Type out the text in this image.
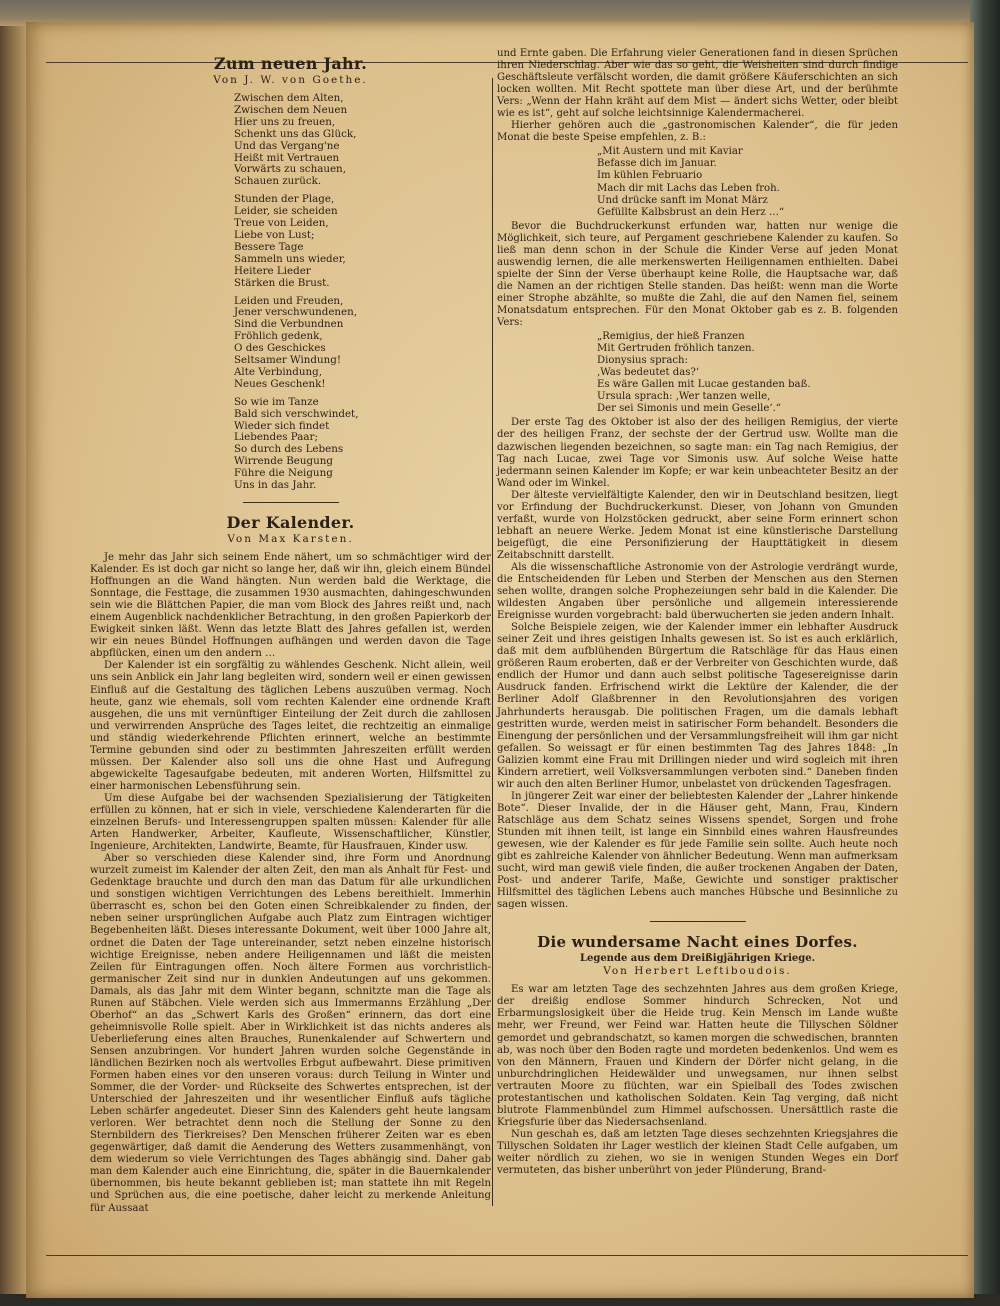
Zum neuen Jahr.
Von J. W. von Goethe.
Zwischen dem Alten,
Zwischen dem Neuen
Hier uns zu freuen,
Schenkt uns das Glück,
Und das Vergang'ne
Heißt mit Vertrauen
Vorwärts zu schauen,
Schauen zurück.
Stunden der Plage,
Leider, sie scheiden
Treue von Leiden,
Liebe von Lust;
Bessere Tage
Sammeln uns wieder,
Heitere Lieder
Stärken die Brust.
Leiden und Freuden,
Jener verschwundenen,
Sind die Verbundnen
Fröhlich gedenk,
O des Geschickes
Seltsamer Windung!
Alte Verbindung,
Neues Geschenk!
So wie im Tanze
Bald sich verschwindet,
Wieder sich findet
Liebendes Paar;
So durch des Lebens
Wirrende Beugung
Führe die Neigung
Uns in das Jahr.
Der Kalender.
Von Max Karsten.

Je mehr das Jahr sich seinem Ende nähert, um so schmächtiger wird der Kalender. Es ist doch gar nicht so lange her, daß wir ihn, gleich einem Bündel Hoffnungen an die Wand hängten. Nun werden bald die Werktage, die Sonntage, die Festtage, die zusammen 1930 ausmachten, dahingeschwunden sein wie die Blättchen Papier, die man vom Block des Jahres reißt und, nach einem Augenblick nachdenklicher Betrachtung, in den großen Papierkorb der Ewigkeit sinken läßt. Wenn das letzte Blatt des Jahres gefallen ist, werden wir ein neues Bündel Hoffnungen aufhängen und werden davon die Tage abpflücken, einen um den andern …

Der Kalender ist ein sorgfältig zu wählendes Geschenk. Nicht allein, weil uns sein Anblick ein Jahr lang begleiten wird, sondern weil er einen gewissen Einfluß auf die Gestaltung des täglichen Lebens auszuüben vermag. Noch heute, ganz wie ehemals, soll vom rechten Kalender eine ordnende Kraft ausgehen, die uns mit vernünftiger Einteilung der Zeit durch die zahllosen und verwirrenden Ansprüche des Tages leitet, die rechtzeitig an einmalige und ständig wiederkehrende Pflichten erinnert, welche an bestimmte Termine gebunden sind oder zu bestimmten Jahreszeiten erfüllt werden müssen. Der Kalender also soll uns die ohne Hast und Aufregung abgewickelte Tagesaufgabe bedeuten, mit anderen Worten, Hilfsmittel zu einer harmonischen Lebensführung sein.

Um diese Aufgabe bei der wachsenden Spezialisierung der Tätigkeiten erfüllen zu können, hat er sich in viele, verschiedene Kalenderarten für die einzelnen Berufs- und Interessengruppen spalten müssen: Kalender für alle Arten Handwerker, Arbeiter, Kaufleute, Wissenschaftlicher, Künstler, Ingenieure, Architekten, Landwirte, Beamte, für Hausfrauen, Kinder usw.

Aber so verschieden diese Kalender sind, ihre Form und Anordnung wurzelt zumeist im Kalender der alten Zeit, den man als Anhalt für Fest- und Gedenktage brauchte und durch den man das Datum für alle urkundlichen und sonstigen wichtigen Verrichtungen des Lebens bereithielt. Immerhin überrascht es, schon bei den Goten einen Schreibkalender zu finden, der neben seiner ursprünglichen Aufgabe auch Platz zum Eintragen wichtiger Begebenheiten läßt. Dieses interessante Dokument, weit über 1000 Jahre alt, ordnet die Daten der Tage untereinander, setzt neben einzelne historisch wichtige Ereignisse, neben andere Heiligennamen und läßt die meisten Zeilen für Eintragungen offen. Noch ältere Formen aus vorchristlich-germanischer Zeit sind nur in dunklen Andeutungen auf uns gekommen. Damals, als das Jahr mit dem Winter begann, schnitzte man die Tage als Runen auf Stäbchen. Viele werden sich aus Immermanns Erzählung „Der Oberhof“ an das „Schwert Karls des Großen“ erinnern, das dort eine geheimnisvolle Rolle spielt. Aber in Wirklichkeit ist das nichts anderes als Ueberlieferung eines alten Brauches, Runenkalender auf Schwertern und Sensen anzubringen. Vor hundert Jahren wurden solche Gegenstände in ländlichen Bezirken noch als wertvolles Erbgut aufbewahrt. Diese primitiven Formen haben eines vor den unseren voraus: durch Teilung in Winter und Sommer, die der Vorder- und Rückseite des Schwertes entsprechen, ist der Unterschied der Jahreszeiten und ihr wesentlicher Einfluß aufs tägliche Leben schärfer angedeutet. Dieser Sinn des Kalenders geht heute langsam verloren. Wer betrachtet denn noch die Stellung der Sonne zu den Sternbildern des Tierkreises? Den Menschen früherer Zeiten war es eben gegenwärtiger, daß damit die Aenderung des Wetters zusammenhängt, von dem wiederum so viele Verrichtungen des Tages abhängig sind. Daher gab man dem Kalender auch eine Einrichtung, die, später in die Bauernkalender übernommen, bis heute bekannt geblieben ist; man stattete ihn mit Regeln und Sprüchen aus, die eine poetische, daher leicht zu merkende Anleitung für Aussaat

und Ernte gaben. Die Erfahrung vieler Generationen fand in diesen Sprüchen ihren Niederschlag. Aber wie das so geht, die Weisheiten sind durch findige Geschäftsleute verfälscht worden, die damit größere Käuferschichten an sich locken wollten. Mit Recht spottete man über diese Art, und der berühmte Vers: „Wenn der Hahn kräht auf dem Mist — ändert sichs Wetter, oder bleibt wie es ist“, geht auf solche leichtsinnige Kalendermacherei.

Hierher gehören auch die „gastronomischen Kalender“, die für jeden Monat die beste Speise empfehlen, z. B.:

„Mit Austern und mit Kaviar
Befasse dich im Januar.
Im kühlen Februario
Mach dir mit Lachs das Leben froh.
Und drücke sanft im Monat März
Gefüllte Kalbsbrust an dein Herz …“

Bevor die Buchdruckerkunst erfunden war, hatten nur wenige die Möglichkeit, sich teure, auf Pergament geschriebene Kalender zu kaufen. So ließ man denn schon in der Schule die Kinder Verse auf jeden Monat auswendig lernen, die alle merkenswerten Heiligennamen enthielten. Dabei spielte der Sinn der Verse überhaupt keine Rolle, die Hauptsache war, daß die Namen an der richtigen Stelle standen. Das heißt: wenn man die Worte einer Strophe abzählte, so mußte die Zahl, die auf den Namen fiel, seinem Monatsdatum entsprechen. Für den Monat Oktober gab es z. B. folgenden Vers:

„Remigius, der hieß Franzen
Mit Gertruden fröhlich tanzen.
Dionysius sprach:
‚Was bedeutet das?‘
Es wäre Gallen mit Lucae gestanden baß.
Ursula sprach: ‚Wer tanzen welle,
Der sei Simonis und mein Geselle‘.“

Der erste Tag des Oktober ist also der des heiligen Remigius, der vierte der des heiligen Franz, der sechste der der Gertrud usw. Wollte man die dazwischen liegenden bezeichnen, so sagte man: ein Tag nach Remigius, der Tag nach Lucae, zwei Tage vor Simonis usw. Auf solche Weise hatte jedermann seinen Kalender im Kopfe; er war kein unbeachteter Besitz an der Wand oder im Winkel.

Der älteste vervielfältigte Kalender, den wir in Deutschland besitzen, liegt vor Erfindung der Buchdruckerkunst. Dieser, von Johann von Gmunden verfaßt, wurde von Holzstöcken gedruckt, aber seine Form erinnert schon lebhaft an neuere Werke. Jedem Monat ist eine künstlerische Darstellung beigefügt, die eine Personifizierung der Haupttätigkeit in diesem Zeitabschnitt darstellt.

Als die wissenschaftliche Astronomie von der Astrologie verdrängt wurde, die Entscheidenden für Leben und Sterben der Menschen aus den Sternen sehen wollte, drangen solche Prophezeiungen sehr bald in die Kalender. Die wildesten Angaben über persönliche und allgemein interessierende Ereignisse wurden vorgebracht: bald überwucherten sie jeden andern Inhalt.

Solche Beispiele zeigen, wie der Kalender immer ein lebhafter Ausdruck seiner Zeit und ihres geistigen Inhalts gewesen ist. So ist es auch erklärlich, daß mit dem aufblühenden Bürgertum die Ratschläge für das Haus einen größeren Raum eroberten, daß er der Verbreiter von Geschichten wurde, daß endlich der Humor und dann auch selbst politische Tagesereignisse darin Ausdruck fanden. Erfrischend wirkt die Lektüre der Kalender, die der Berliner Adolf Glaßbrenner in den Revolutionsjahren des vorigen Jahrhunderts herausgab. Die politischen Fragen, um die damals lebhaft gestritten wurde, werden meist in satirischer Form behandelt. Besonders die Einengung der persönlichen und der Versammlungsfreiheit will ihm gar nicht gefallen. So weissagt er für einen bestimmten Tag des Jahres 1848: „In Galizien kommt eine Frau mit Drillingen nieder und wird sogleich mit ihren Kindern arretiert, weil Volksversammlungen verboten sind.“ Daneben finden wir auch den alten Berliner Humor, unbelastet von drückenden Tagesfragen.

In jüngerer Zeit war einer der beliebtesten Kalender der „Lahrer hinkende Bote“. Dieser Invalide, der in die Häuser geht, Mann, Frau, Kindern Ratschläge aus dem Schatz seines Wissens spendet, Sorgen und frohe Stunden mit ihnen teilt, ist lange ein Sinnbild eines wahren Hausfreundes gewesen, wie der Kalender es für jede Familie sein sollte. Auch heute noch gibt es zahlreiche Kalender von ähnlicher Bedeutung. Wenn man aufmerksam sucht, wird man gewiß viele finden, die außer trockenen Angaben der Daten, Post- und anderer Tarife, Maße, Gewichte und sonstiger praktischer Hilfsmittel des täglichen Lebens auch manches Hübsche und Besinnliche zu sagen wissen.

Die wundersame Nacht eines Dorfes.
Legende aus dem Dreißigjährigen Kriege.
Von Herbert Leftiboudois.

Es war am letzten Tage des sechzehnten Jahres aus dem großen Kriege, der dreißig endlose Sommer hindurch Schrecken, Not und Erbarmungslosigkeit über die Heide trug. Kein Mensch im Lande wußte mehr, wer Freund, wer Feind war. Hatten heute die Tillyschen Söldner gemordet und gebrandschatzt, so kamen morgen die schwedischen, brannten ab, was noch über den Boden ragte und mordeten bedenkenlos. Und wem es von den Männern, Frauen und Kindern der Dörfer nicht gelang, in die unburchdringlichen Heidewälder und unwegsamen, nur ihnen selbst vertrauten Moore zu flüchten, war ein Spielball des Todes zwischen protestantischen und katholischen Soldaten. Kein Tag verging, daß nicht blutrote Flammenbündel zum Himmel aufschossen. Unersättlich raste die Kriegsfurie über das Niedersachsenland.

Nun geschah es, daß am letzten Tage dieses sechzehnten Kriegsjahres die Tillyschen Soldaten ihr Lager westlich der kleinen Stadt Celle aufgaben, um weiter nördlich zu ziehen, wo sie in wenigen Stunden Weges ein Dorf vermuteten, das bisher unberührt von jeder Plünderung, Brand-
